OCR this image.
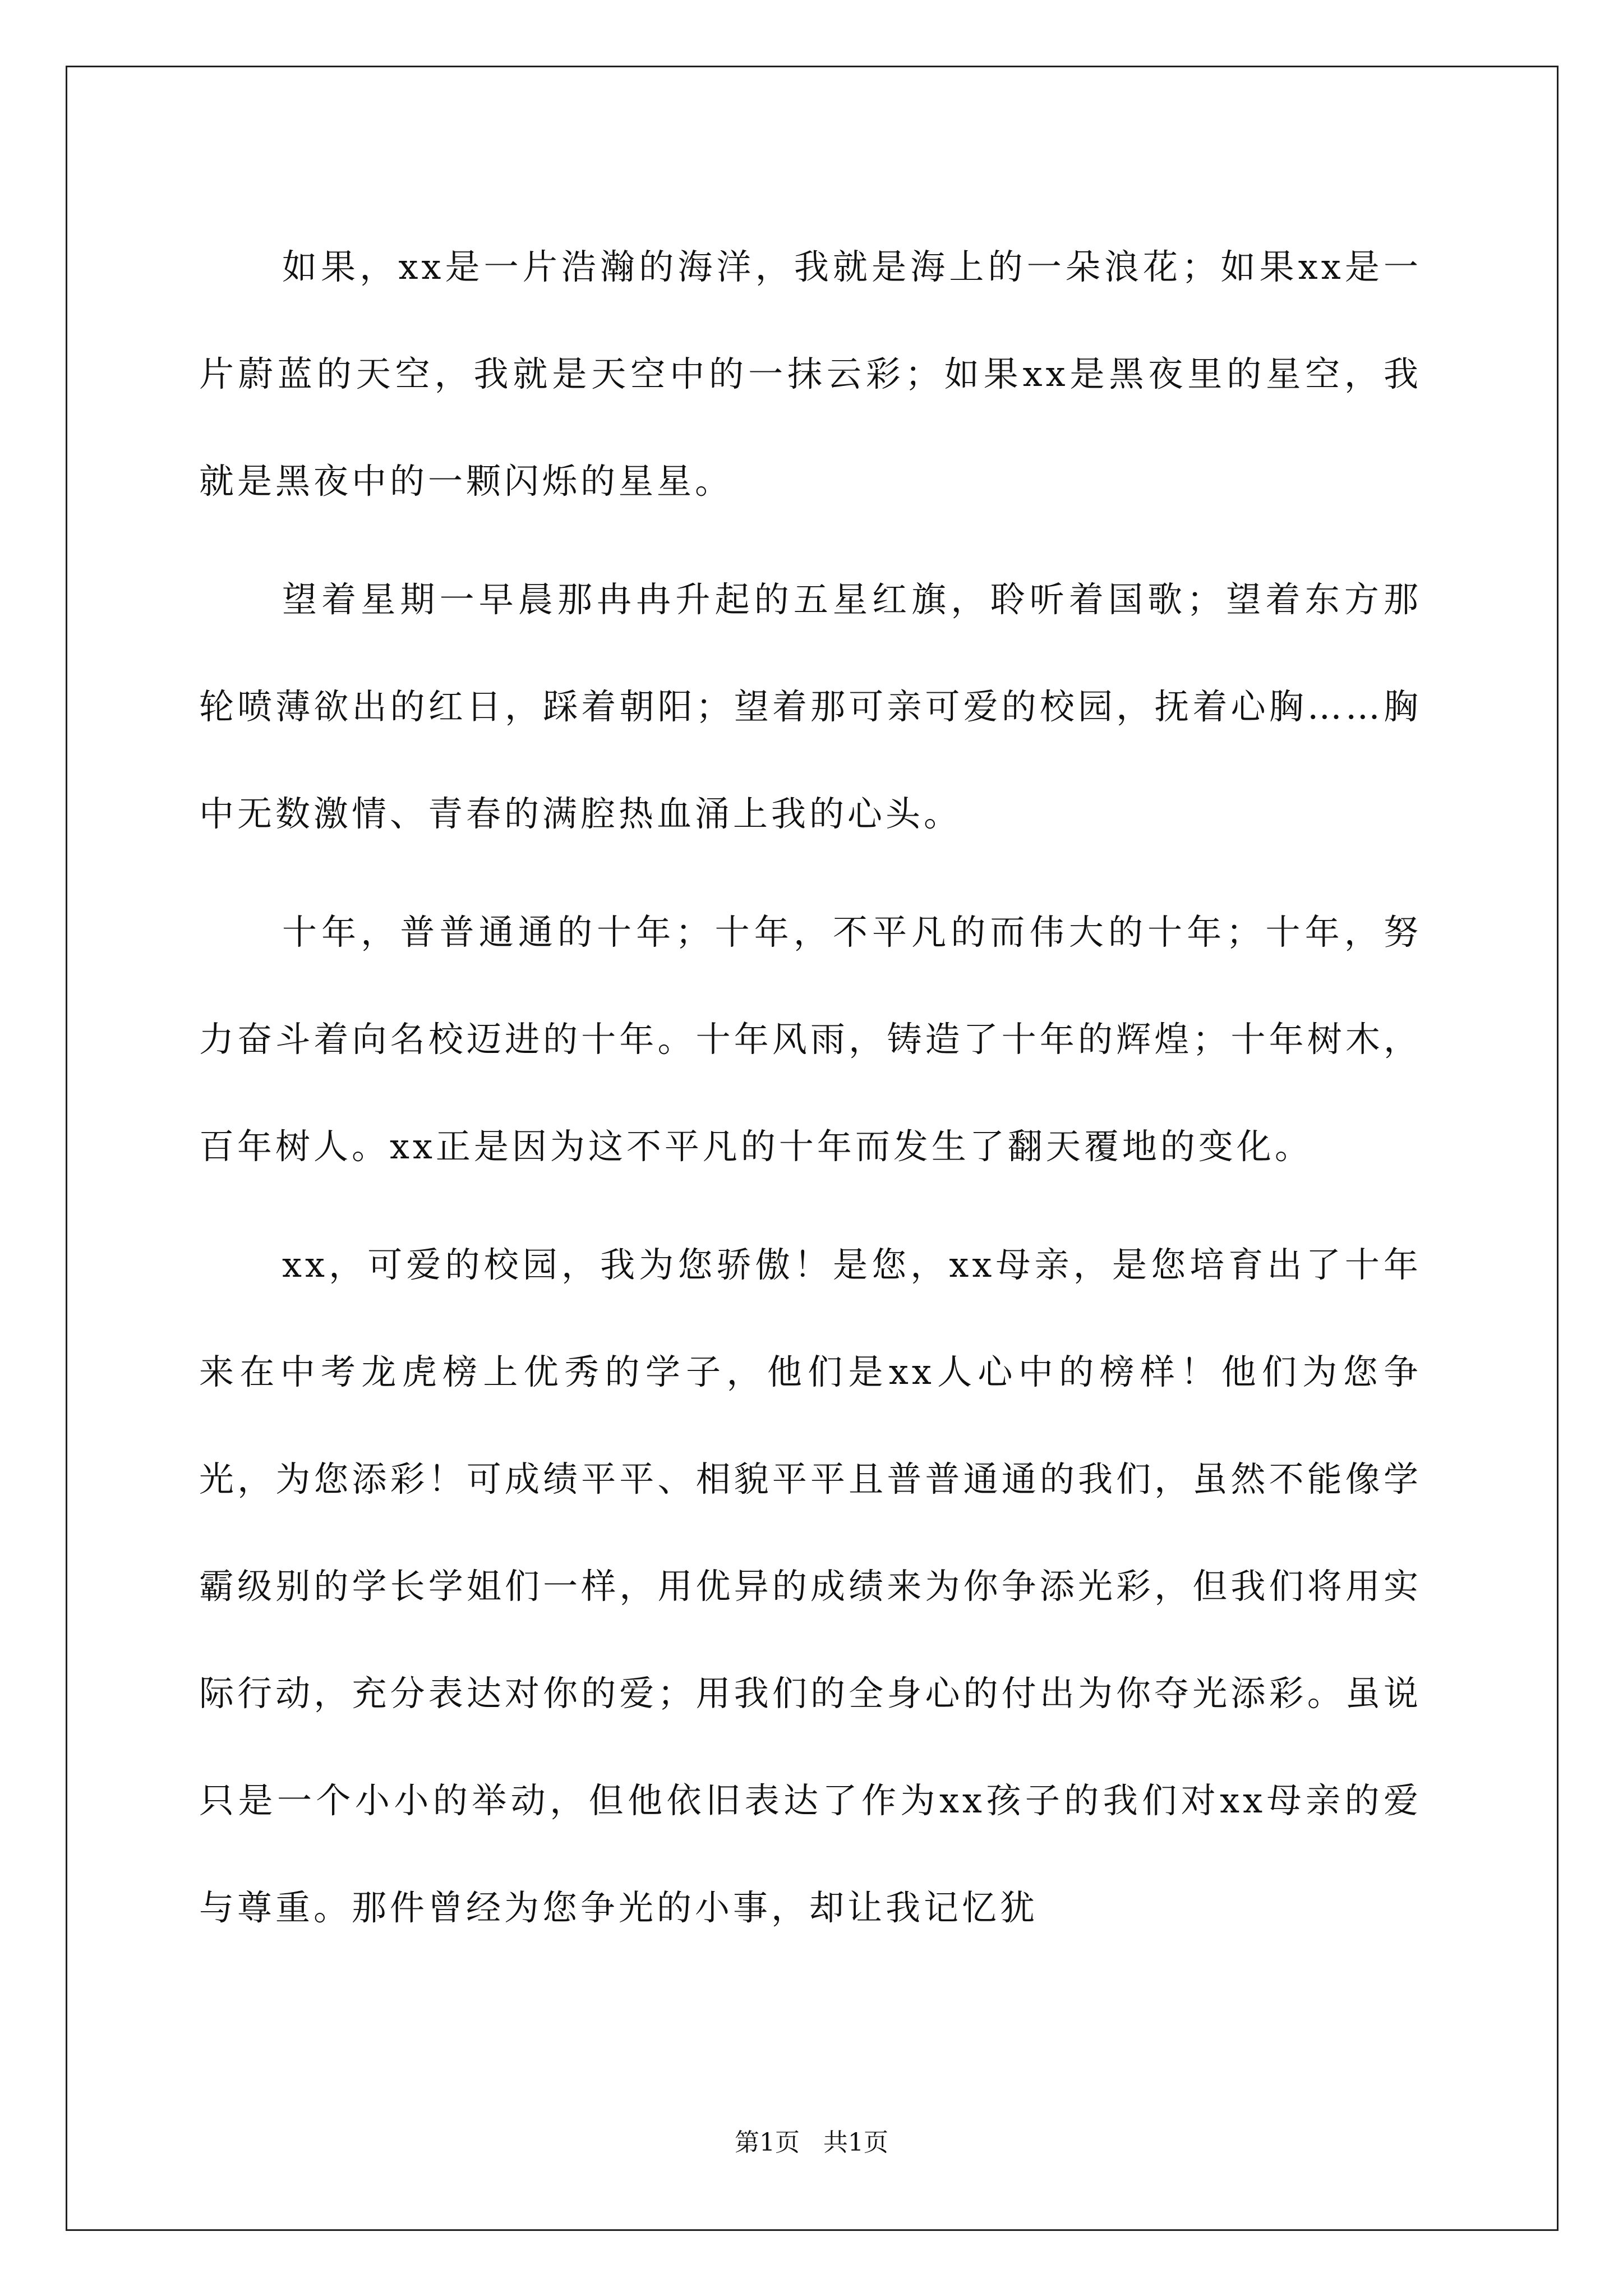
如果，xx是一片浩瀚的海洋，我就是海上的一朵浪花；如果xx是一片蔚蓝的天空，我就是天空中的一抹云彩；如果xx是黑夜里的星空，我就是黑夜中的一颗闪烁的星星。

望着星期一早晨那冉冉升起的五星红旗，聆听着国歌；望着东方那轮喷薄欲出的红日，踩着朝阳；望着那可亲可爱的校园，抚着心胸……胸中无数激情、青春的满腔热血涌上我的心头。

十年，普普通通的十年；十年，不平凡的而伟大的十年；十年，努力奋斗着向名校迈进的十年。十年风雨，铸造了十年的辉煌；十年树木，百年树人。xx正是因为这不平凡的十年而发生了翻天覆地的变化。

xx，可爱的校园，我为您骄傲！是您，xx母亲，是您培育出了十年来在中考龙虎榜上优秀的学子，他们是xx人心中的榜样！他们为您争光，为您添彩！可成绩平平、相貌平平且普普通通的我们，虽然不能像学霸级别的学长学姐们一样，用优异的成绩来为你争添光彩，但我们将用实际行动，充分表达对你的爱；用我们的全身心的付出为你夺光添彩。虽说只是一个小小的举动，但他依旧表达了作为xx孩子的我们对xx母亲的爱与尊重。那件曾经为您争光的小事，却让我记忆犹

第1页   共1页
